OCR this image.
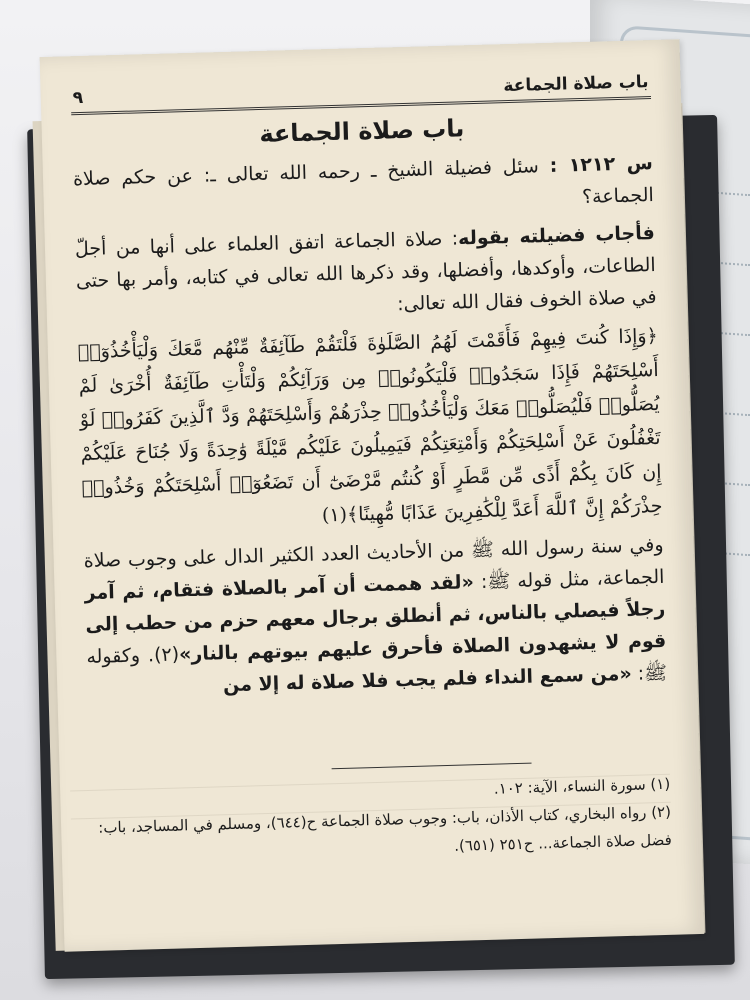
باب صلاة الجماعة
٩
باب صلاة الجماعة

س ١٢١٢ : سئل فضيلة الشيخ ـ رحمه الله تعالى ـ: عن حكم صلاة الجماعة؟

فأجاب فضيلته بقوله: صلاة الجماعة اتفق العلماء على أنها من أجلّ الطاعات، وأوكدها، وأفضلها، وقد ذكرها الله تعالى في كتابه، وأمر بها حتى في صلاة الخوف فقال الله تعالى:

﴿وَإِذَا كُنتَ فِيهِمْ فَأَقَمْتَ لَهُمُ الصَّلَوٰةَ فَلْتَقُمْ طَآئِفَةٌ مِّنْهُم مَّعَكَ وَلْيَأْخُذُوٓا۟ أَسْلِحَتَهُمْ فَإِذَا سَجَدُوا۟ فَلْيَكُونُوا۟ مِن وَرَآئِكُمْ وَلْتَأْتِ طَآئِفَةٌ أُخْرَىٰ لَمْ يُصَلُّوا۟ فَلْيُصَلُّوا۟ مَعَكَ وَلْيَأْخُذُوا۟ حِذْرَهُمْ وَأَسْلِحَتَهُمْ وَدَّ ٱلَّذِينَ كَفَرُوا۟ لَوْ تَغْفُلُونَ عَنْ أَسْلِحَتِكُمْ وَأَمْتِعَتِكُمْ فَيَمِيلُونَ عَلَيْكُم مَّيْلَةً وَٰحِدَةً وَلَا جُنَاحَ عَلَيْكُمْ إِن كَانَ بِكُمْ أَذًى مِّن مَّطَرٍ أَوْ كُنتُم مَّرْضَىٰٓ أَن تَضَعُوٓا۟ أَسْلِحَتَكُمْ وَخُذُوا۟ حِذْرَكُمْ إِنَّ ٱللَّهَ أَعَدَّ لِلْكَٰفِرِينَ عَذَابًا مُّهِينًا﴾(١)

وفي سنة رسول الله ﷺ من الأحاديث العدد الكثير الدال على وجوب صلاة الجماعة، مثل قوله ﷺ: «لقد هممت أن آمر بالصلاة فتقام، ثم آمر رجلاً فيصلي بالناس، ثم أنطلق برجال معهم حزم من حطب إلى قوم لا يشهدون الصلاة فأحرق عليهم بيوتهم بالنار»(٢). وكقوله ﷺ: «من سمع النداء فلم يجب فلا صلاة له إلا من

(١) سورة النساء، الآية: ١٠٢.
(٢) رواه البخاري، كتاب الأذان، باب: وجوب صلاة الجماعة ح(٦٤٤)، ومسلم في المساجد، باب: فضل صلاة الجماعة... ح٢٥١ (٦٥١).
